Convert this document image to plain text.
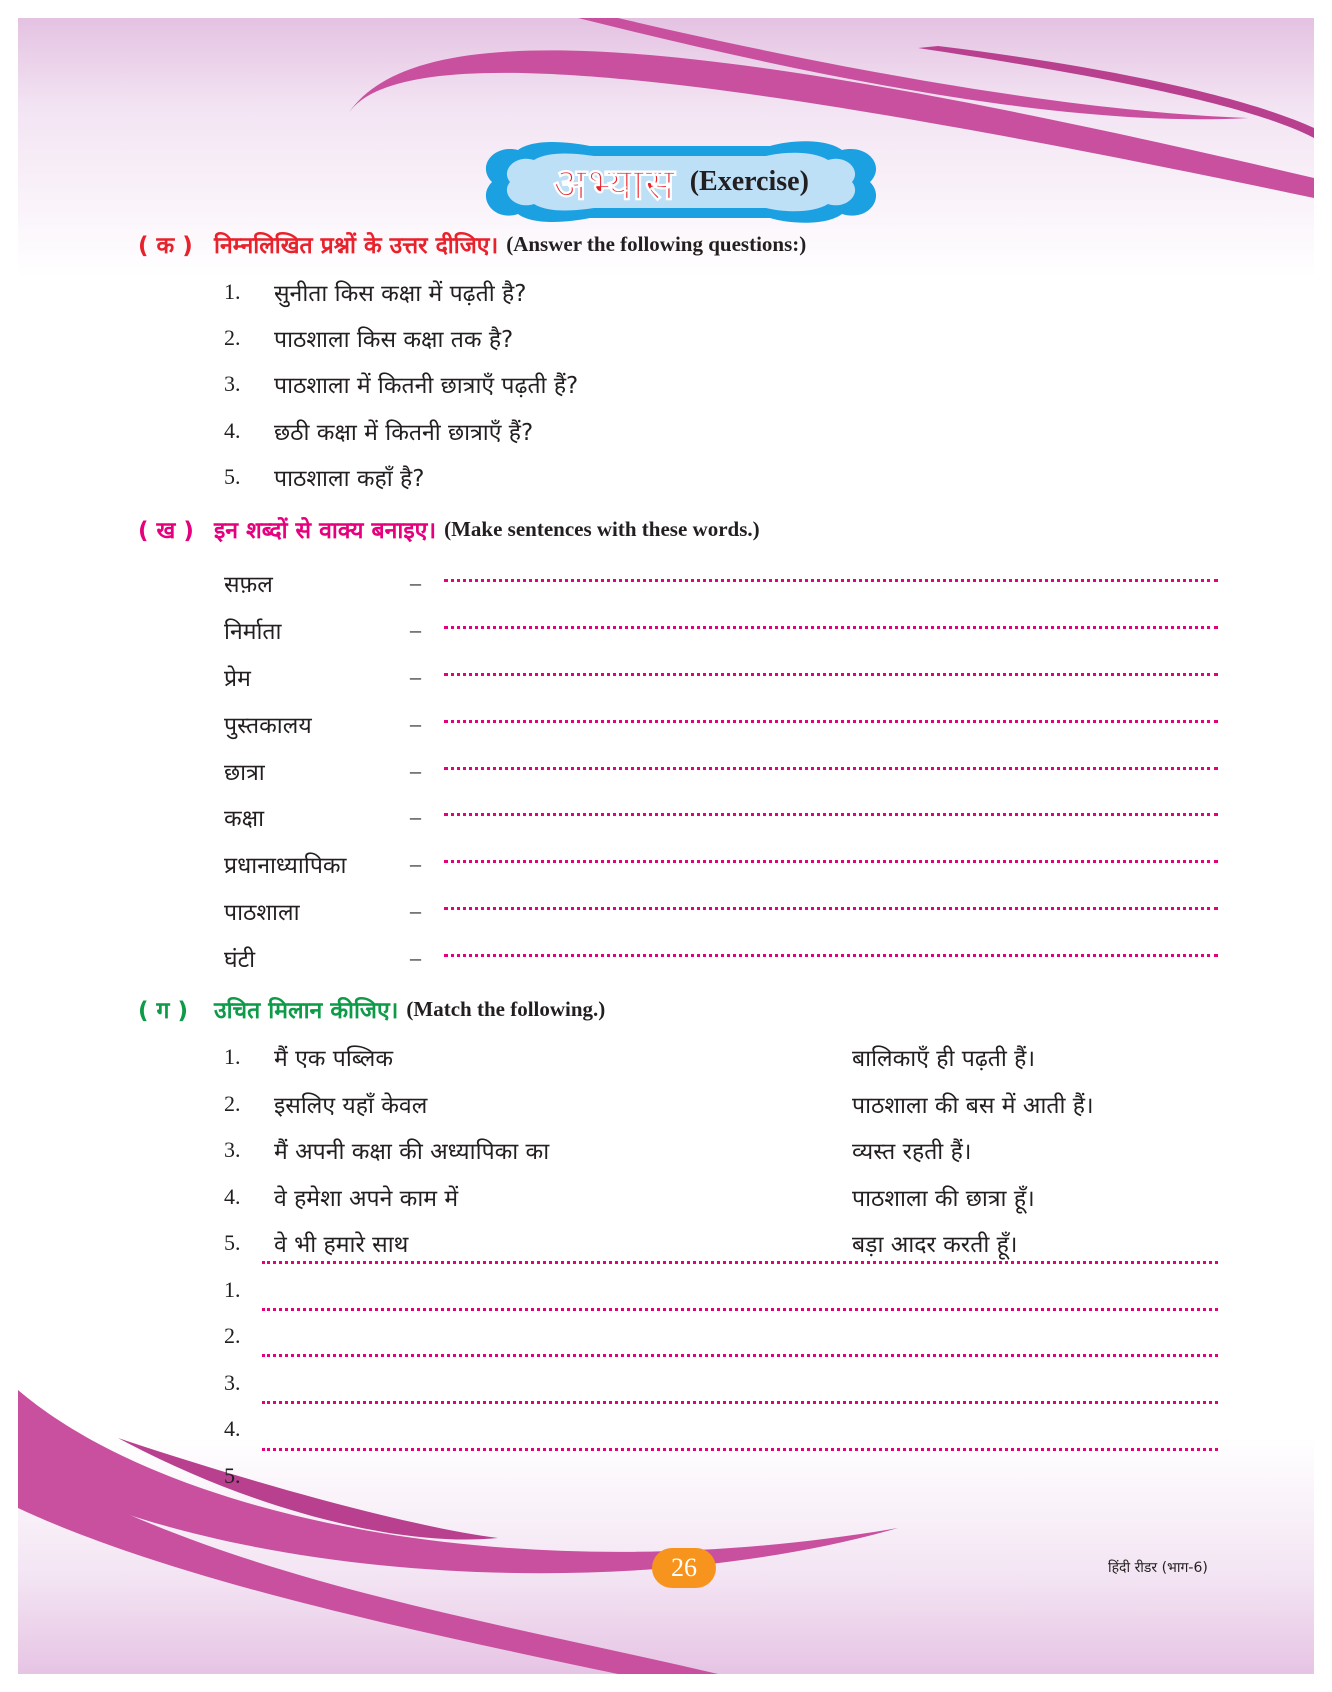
अभ्यास (Exercise)
( क ) निम्नलिखित प्रश्नों के उत्तर दीजिए। (Answer the following questions:)
1.	सुनीता किस कक्षा में पढ़ती है?
2.	पाठशाला किस कक्षा तक है?
3.	पाठशाला में कितनी छात्राएँ पढ़ती हैं?
4.	छठी कक्षा में कितनी छात्राएँ हैं?
5.	पाठशाला कहाँ है?
( ख ) इन शब्दों से वाक्य बनाइए। (Make sentences with these words.)
सफ़ल	–
निर्माता	–
प्रेम	–
पुस्तकालय	–
छात्रा	–
कक्षा	–
प्रधानाध्यापिका	–
पाठशाला	–
घंटी	–
( ग )	उचित मिलान कीजिए। (Match the following.)
1.	मैं एक पब्लिक	बालिकाएँ ही पढ़ती हैं।
2.	इसलिए यहाँ केवल	पाठशाला की बस में आती हैं।
3.	मैं अपनी कक्षा की अध्यापिका का	व्यस्त रहती हैं।
4.	वे हमेशा अपने काम में	पाठशाला की छात्रा हूँ।
5.	वे भी हमारे साथ	बड़ा आदर करती हूँ।
1.
2.
3.
4.
5.
26	हिंदी रीडर (भाग-6)
